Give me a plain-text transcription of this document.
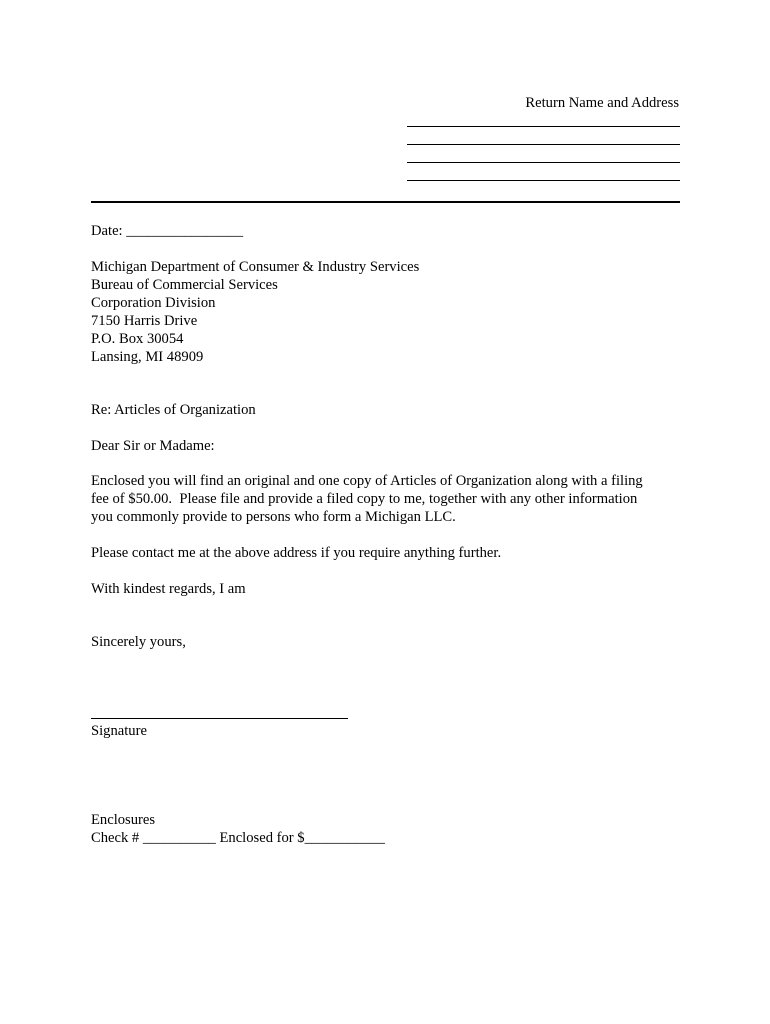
Return Name and Address
Date: ________________
Michigan Department of Consumer & Industry Services
Bureau of Commercial Services
Corporation Division
7150 Harris Drive
P.O. Box 30054
Lansing, MI 48909
Re: Articles of Organization
Dear Sir or Madame:
Enclosed you will find an original and one copy of Articles of Organization along with a filing
fee of $50.00.  Please file and provide a filed copy to me, together with any other information
you commonly provide to persons who form a Michigan LLC.
Please contact me at the above address if you require anything further.
With kindest regards, I am
Sincerely yours,
Signature
Enclosures
Check # __________ Enclosed for $___________
